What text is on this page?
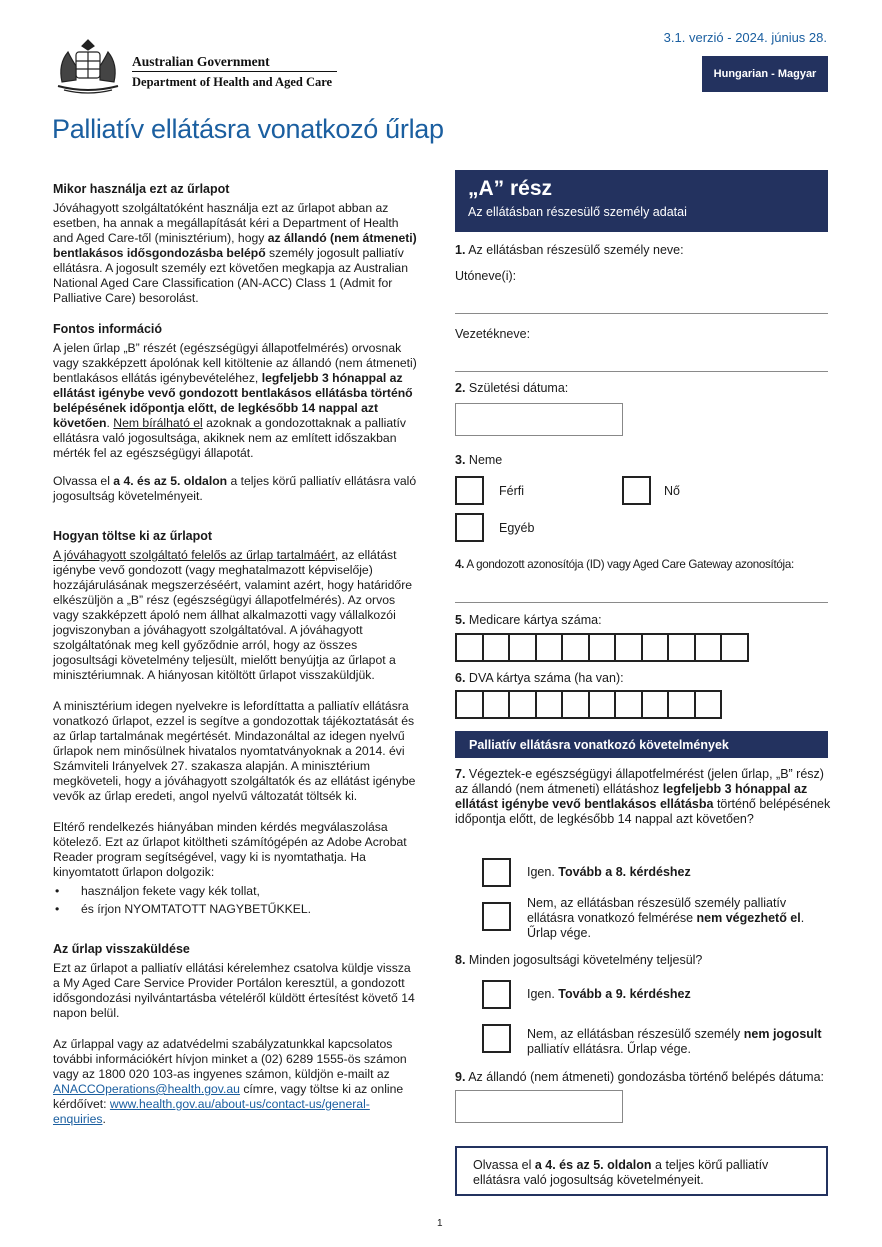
Australian Government
Department of Health and Aged Care
3.1. verzió - 2024. június 28.
Hungarian - Magyar
Palliatív ellátásra vonatkozó űrlap
Mikor használja ezt az űrlapot

Jóváhagyott szolgáltatóként használja ezt az űrlapot abban az esetben, ha annak a megállapítását kéri a Department of Health and Aged Care-től (minisztérium), hogy az állandó (nem átmeneti) bentlakásos idősgondozásba belépő személy jogosult palliatív ellátásra. A jogosult személy ezt követően megkapja az Australian National Aged Care Classification (AN-ACC) Class 1 (Admit for Palliative Care) besorolást.

Fontos információ

A jelen űrlap „B” részét (egészségügyi állapotfelmérés) orvosnak vagy szakképzett ápolónak kell kitöltenie az állandó (nem átmeneti) bentlakásos ellátás igénybevételéhez, legfeljebb 3 hónappal az ellátást igénybe vevő gondozott bentlakásos ellátásba történő belépésének időpontja előtt, de legkésőbb 14 nappal azt követően. Nem bírálható el azoknak a gondozottaknak a palliatív ellátásra való jogosultsága, akiknek nem az említett időszakban mérték fel az egészségügyi állapotát.

Olvassa el a 4. és az 5. oldalon a teljes körű palliatív ellátásra való jogosultság követelményeit.

Hogyan töltse ki az űrlapot

A jóváhagyott szolgáltató felelős az űrlap tartalmáért, az ellátást igénybe vevő gondozott (vagy meghatalmazott képviselője) hozzájárulásának megszerzéséért, valamint azért, hogy határidőre elkészüljön a „B” rész (egészségügyi állapotfelmérés). Az orvos vagy szakképzett ápoló nem állhat alkalmazotti vagy vállalkozói jogviszonyban a jóváhagyott szolgáltatóval. A jóváhagyott szolgáltatónak meg kell győződnie arról, hogy az összes jogosultsági követelmény teljesült, mielőtt benyújtja az űrlapot a minisztériumnak. A hiányosan kitöltött űrlapot visszaküldjük.

A minisztérium idegen nyelvekre is lefordíttatta a palliatív ellátásra vonatkozó űrlapot, ezzel is segítve a gondozottak tájékoztatását és az űrlap tartalmának megértését. Mindazonáltal az idegen nyelvű űrlapok nem minősülnek hivatalos nyomtatványoknak a 2014. évi Számviteli Irányelvek 27. szakasza alapján. A minisztérium megköveteli, hogy a jóváhagyott szolgáltatók és az ellátást igénybe vevők az űrlap eredeti, angol nyelvű változatát töltsék ki.

Eltérő rendelkezés hiányában minden kérdés megválaszolása kötelező. Ezt az űrlapot kitöltheti számítógépén az Adobe Acrobat Reader program segítségével, vagy ki is nyomtathatja. Ha kinyomtatott űrlapon dolgozik:

• használjon fekete vagy kék tollat,
• és írjon NYOMTATOTT NAGYBETŰKKEL.
Az űrlap visszaküldése

Ezt az űrlapot a palliatív ellátási kérelemhez csatolva küldje vissza a My Aged Care Service Provider Portálon keresztül, a gondozott idősgondozási nyilvántartásba vételéről küldött értesítést követő 14 napon belül.

Az űrlappal vagy az adatvédelmi szabályzatunkkal kapcsolatos további információkért hívjon minket a (02) 6289 1555-ös számon vagy az 1800 020 103-as ingyenes számon, küldjön e-mailt az ANACCOperations@health.gov.au címre, vagy töltse ki az online kérdőívet: www.health.gov.au/about-us/contact-us/general-enquiries.

„A” rész
Az ellátásban részesülő személy adatai
1. Az ellátásban részesülő személy neve:
Utóneve(i):
Vezetékneve:
2. Születési dátuma:
3. Neme
Férfi	Nő
Egyéb
4. A gondozott azonosítója (ID) vagy Aged Care Gateway azonosítója:
5. Medicare kártya száma:
6. DVA kártya száma (ha van):
Palliatív ellátásra vonatkozó követelmények
7. Végeztek-e egészségügyi állapotfelmérést (jelen űrlap, „B” rész) az állandó (nem átmeneti) ellátáshoz legfeljebb 3 hónappal az ellátást igénybe vevő bentlakásos ellátásba történő belépésének időpontja előtt, de legkésőbb 14 nappal azt követően?
Igen. Tovább a 8. kérdéshez
Nem, az ellátásban részesülő személy palliatív ellátásra vonatkozó felmérése nem végezhető el. Űrlap vége.
8. Minden jogosultsági követelmény teljesül?
Igen. Tovább a 9. kérdéshez
Nem, az ellátásban részesülő személy nem jogosult palliatív ellátásra. Űrlap vége.
9. Az állandó (nem átmeneti) gondozásba történő belépés dátuma:
Olvassa el a 4. és az 5. oldalon a teljes körű palliatív ellátásra való jogosultság követelményeit.
1
